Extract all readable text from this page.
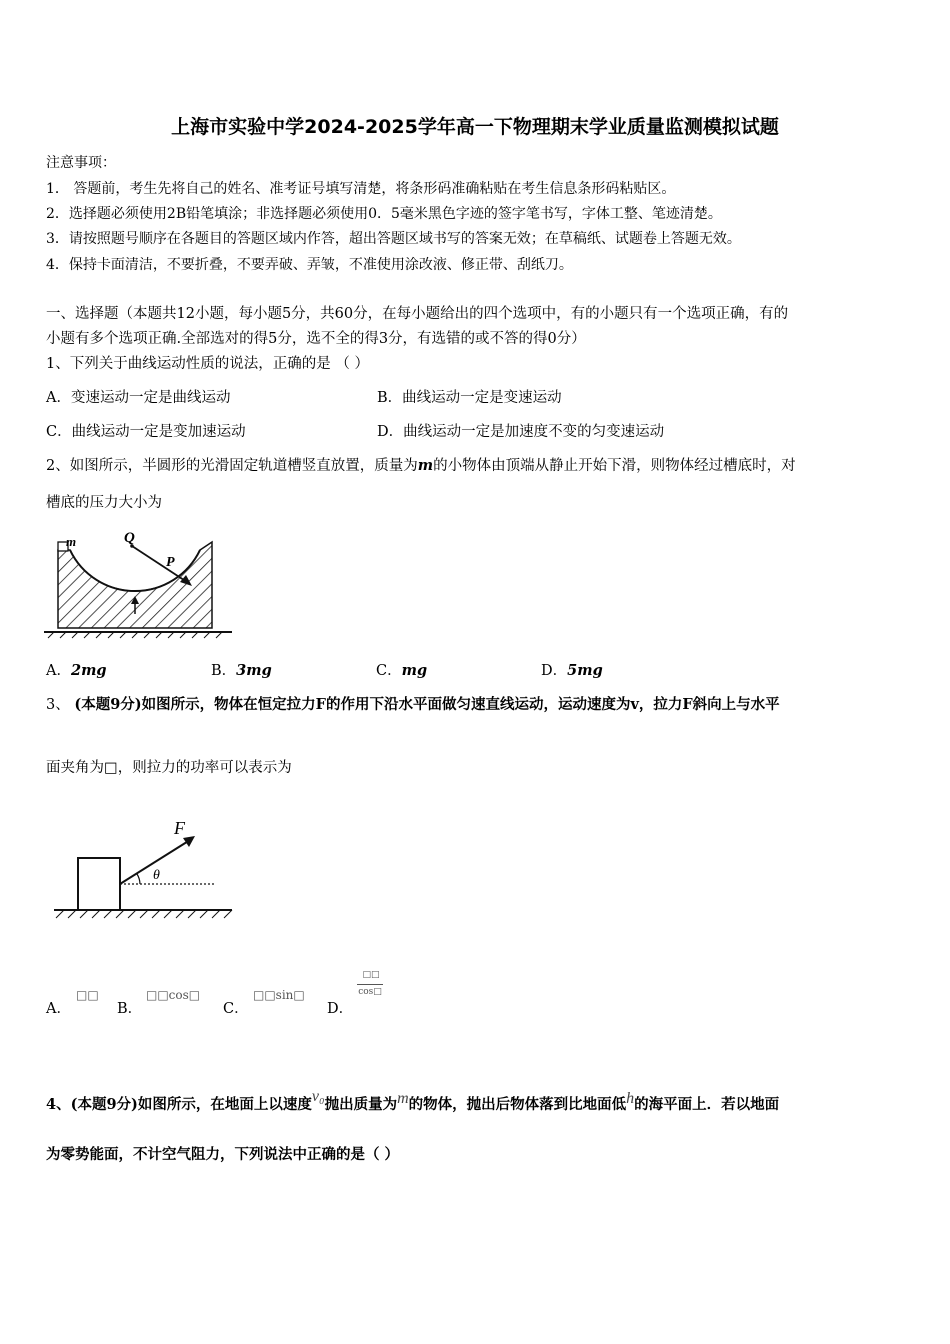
上海市实验中学2024-2025学年高一下物理期末学业质量监测模拟试题
注意事项：
1． 答题前，考生先将自己的姓名、准考证号填写清楚，将条形码准确粘贴在考生信息条形码粘贴区。
2．选择题必须使用2B铅笔填涂；非选择题必须使用0．5毫米黑色字迹的签字笔书写，字体工整、笔迹清楚。
3．请按照题号顺序在各题目的答题区域内作答，超出答题区域书写的答案无效；在草稿纸、试题卷上答题无效。
4．保持卡面清洁，不要折叠，不要弄破、弄皱，不准使用涂改液、修正带、刮纸刀。
一、选择题（本题共12小题，每小题5分，共60分，在每小题给出的四个选项中，有的小题只有一个选项正确，有的
小题有多个选项正确.全部选对的得5分，选不全的得3分，有选错的或不答的得0分）
1、下列关于曲线运动性质的说法，正确的是 （ ）
A．变速运动一定是曲线运动	B．曲线运动一定是变速运动
C．曲线运动一定是变加速运动	D．曲线运动一定是加速度不变的匀变速运动
2、如图所示，半圆形的光滑固定轨道槽竖直放置，质量为m的小物体由顶端从静止开始下滑，则物体经过槽底时，对
槽底的压力大小为
m	Q
P
A．2mg	B．3mg	C．mg	D．5mg
3、 (本题9分)如图所示，物体在恒定拉力F的作用下沿水平面做匀速直线运动，运动速度为v，拉力F斜向上与水平
面夹角为□，则拉力的功率可以表示为
F
θ
A．
□□
B．
□□cos□
C．
□□sin□
D．
□□
cos□
4、(本题9分)如图所示，在地面上以速度v₀抛出质量为m的物体，抛出后物体落到比地面低h的海平面上．若以地面
为零势能面，不计空气阻力，下列说法中正确的是（ ）
